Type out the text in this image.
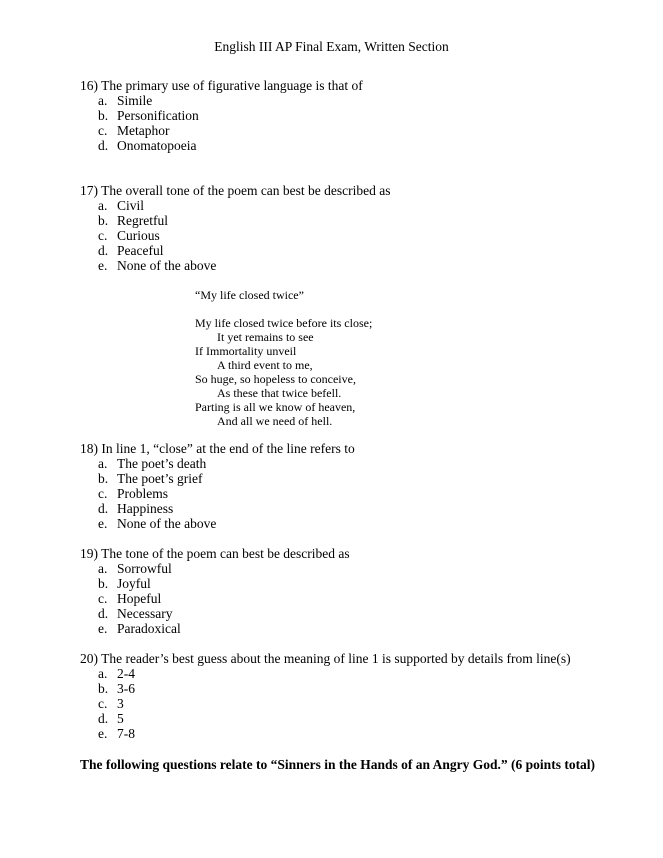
English III AP Final Exam, Written Section
16) The primary use of figurative language is that of
a. Simile
b. Personification
c. Metaphor
d. Onomatopoeia
17) The overall tone of the poem can best be described as
a. Civil
b. Regretful
c. Curious
d. Peaceful
e. None of the above
“My life closed twice”
My life closed twice before its close;
It yet remains to see
If Immortality unveil
A third event to me,
So huge, so hopeless to conceive,
As these that twice befell.
Parting is all we know of heaven,
And all we need of hell.
18) In line 1, “close” at the end of the line refers to
a. The poet’s death
b. The poet’s grief
c. Problems
d. Happiness
e. None of the above
19) The tone of the poem can best be described as
a. Sorrowful
b. Joyful
c. Hopeful
d. Necessary
e. Paradoxical
20) The reader’s best guess about the meaning of line 1 is supported by details from line(s)
a. 2-4
b. 3-6
c. 3
d. 5
e. 7-8
The following questions relate to “Sinners in the Hands of an Angry God.” (6 points total)
